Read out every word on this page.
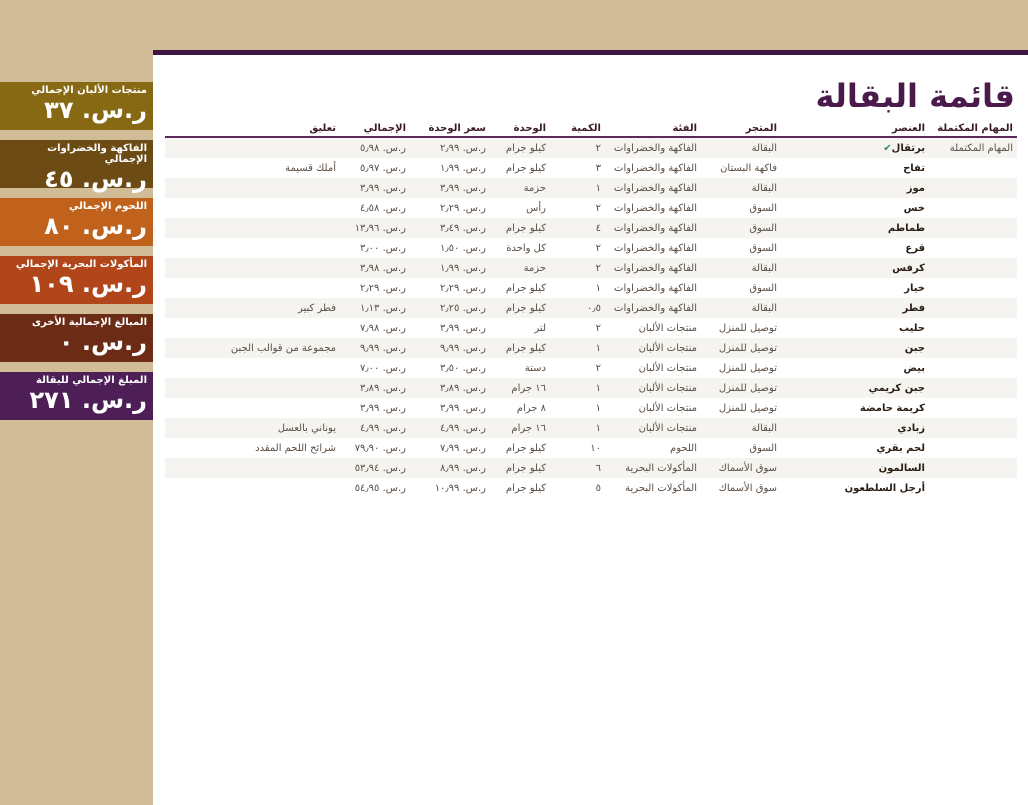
منتجات الألبان الإجمالي
ر.س. ٣٧
الفاكهة والخضراوات الإجمالي
ر.س. ٤٥
اللحوم الإجمالي
ر.س. ٨٠
المأكولات البحرية الإجمالي
ر.س. ١٠٩
المبالغ الإجمالية الأخرى
ر.س. ٠
المبلغ الإجمالي للبقالة
ر.س. ٢٧١
قائمة البقالة
المهام المكتملة	العنصر	المتجر	الفئة	الكمية	الوحدة	سعر الوحدة	الإجمالي	تعليق
المهام المكتملة	برتقال✔	البقالة	الفاكهة والخضراوات	٢	كيلو جرام	ر.س. ٢٫٩٩	ر.س. ٥٫٩٨	
	تفاح	فاكهة البستان	الفاكهة والخضراوات	٣	كيلو جرام	ر.س. ١٫٩٩	ر.س. ٥٫٩٧	أملك قسيمة
	موز	البقالة	الفاكهة والخضراوات	١	حزمة	ر.س. ٣٫٩٩	ر.س. ٣٫٩٩	
	خس	السوق	الفاكهة والخضراوات	٢	رأس	ر.س. ٢٫٢٩	ر.س. ٤٫٥٨	
	طماطم	السوق	الفاكهة والخضراوات	٤	كيلو جرام	ر.س. ٣٫٤٩	ر.س. ١٣٫٩٦	
	قرع	السوق	الفاكهة والخضراوات	٢	كل واحدة	ر.س. ١٫٥٠	ر.س. ٣٫٠٠	
	كرفس	البقالة	الفاكهة والخضراوات	٢	حزمة	ر.س. ١٫٩٩	ر.س. ٣٫٩٨	
	خيار	السوق	الفاكهة والخضراوات	١	كيلو جرام	ر.س. ٢٫٢٩	ر.س. ٢٫٢٩	
	فطر	البقالة	الفاكهة والخضراوات	٠٫٥	كيلو جرام	ر.س. ٢٫٢٥	ر.س. ١٫١٣	فطر كبير
	حليب	توصيل للمنزل	منتجات الألبان	٢	لتر	ر.س. ٣٫٩٩	ر.س. ٧٫٩٨	
	جبن	توصيل للمنزل	منتجات الألبان	١	كيلو جرام	ر.س. ٩٫٩٩	ر.س. ٩٫٩٩	مجموعة من قوالب الجبن
	بيض	توصيل للمنزل	منتجات الألبان	٢	دستة	ر.س. ٣٫٥٠	ر.س. ٧٫٠٠	
	جبن كريمي	توصيل للمنزل	منتجات الألبان	١	١٦ جرام	ر.س. ٣٫٨٩	ر.س. ٣٫٨٩	
	كريمة حامضة	توصيل للمنزل	منتجات الألبان	١	٨ جرام	ر.س. ٣٫٩٩	ر.س. ٣٫٩٩	
	زبادي	البقالة	منتجات الألبان	١	١٦ جرام	ر.س. ٤٫٩٩	ر.س. ٤٫٩٩	يوناني بالعسل
	لحم بقري	السوق	اللحوم	١٠	كيلو جرام	ر.س. ٧٫٩٩	ر.س. ٧٩٫٩٠	شرائح اللحم المقدد
	السالمون	سوق الأسماك	المأكولات البحرية	٦	كيلو جرام	ر.س. ٨٫٩٩	ر.س. ٥٣٫٩٤	
	أرجل السلطعون	سوق الأسماك	المأكولات البحرية	٥	كيلو جرام	ر.س. ١٠٫٩٩	ر.س. ٥٤٫٩٥	
